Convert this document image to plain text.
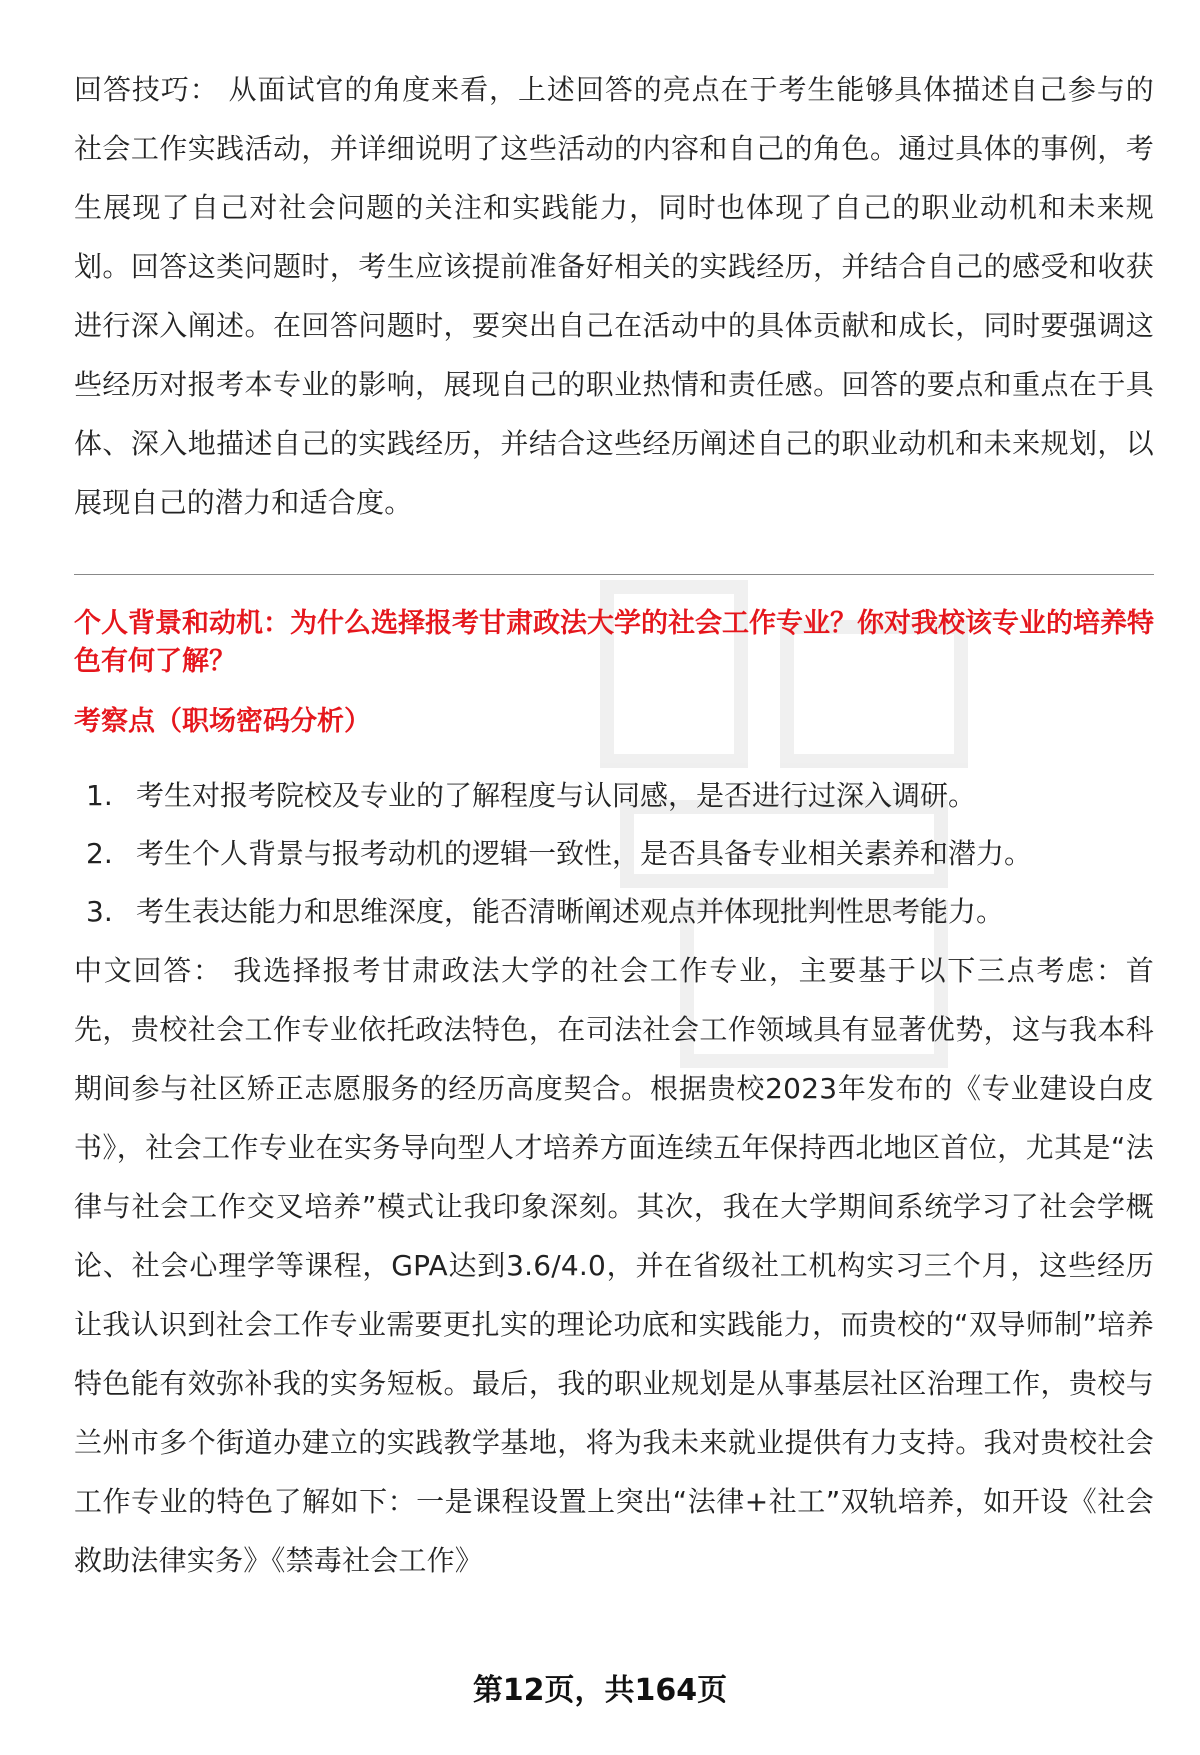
回答技巧： 从面试官的角度来看，上述回答的亮点在于考生能够具体描述自己参与的社会工作实践活动，并详细说明了这些活动的内容和自己的角色。通过具体的事例，考生展现了自己对社会问题的关注和实践能力，同时也体现了自己的职业动机和未来规划。回答这类问题时，考生应该提前准备好相关的实践经历，并结合自己的感受和收获进行深入阐述。在回答问题时，要突出自己在活动中的具体贡献和成长，同时要强调这些经历对报考本专业的影响，展现自己的职业热情和责任感。回答的要点和重点在于具体、深入地描述自己的实践经历，并结合这些经历阐述自己的职业动机和未来规划，以展现自己的潜力和适合度。

个人背景和动机：为什么选择报考甘肃政法大学的社会工作专业？你对我校该专业的培养特色有何了解？
考察点（职场密码分析）
1. 考生对报考院校及专业的了解程度与认同感，是否进行过深入调研。
2. 考生个人背景与报考动机的逻辑一致性，是否具备专业相关素养和潜力。
3. 考生表达能力和思维深度，能否清晰阐述观点并体现批判性思考能力。

中文回答： 我选择报考甘肃政法大学的社会工作专业，主要基于以下三点考虑：首先，贵校社会工作专业依托政法特色，在司法社会工作领域具有显著优势，这与我本科期间参与社区矫正志愿服务的经历高度契合。根据贵校2023年发布的《专业建设白皮书》，社会工作专业在实务导向型人才培养方面连续五年保持西北地区首位，尤其是“法律与社会工作交叉培养”模式让我印象深刻。其次，我在大学期间系统学习了社会学概论、社会心理学等课程，GPA达到3.6/4.0，并在省级社工机构实习三个月，这些经历让我认识到社会工作专业需要更扎实的理论功底和实践能力，而贵校的“双导师制”培养特色能有效弥补我的实务短板。最后，我的职业规划是从事基层社区治理工作，贵校与兰州市多个街道办建立的实践教学基地，将为我未来就业提供有力支持。我对贵校社会工作专业的特色了解如下：一是课程设置上突出“法律+社工”双轨培养，如开设《社会救助法律实务》《禁毒社会工作》

第12页，共164页
